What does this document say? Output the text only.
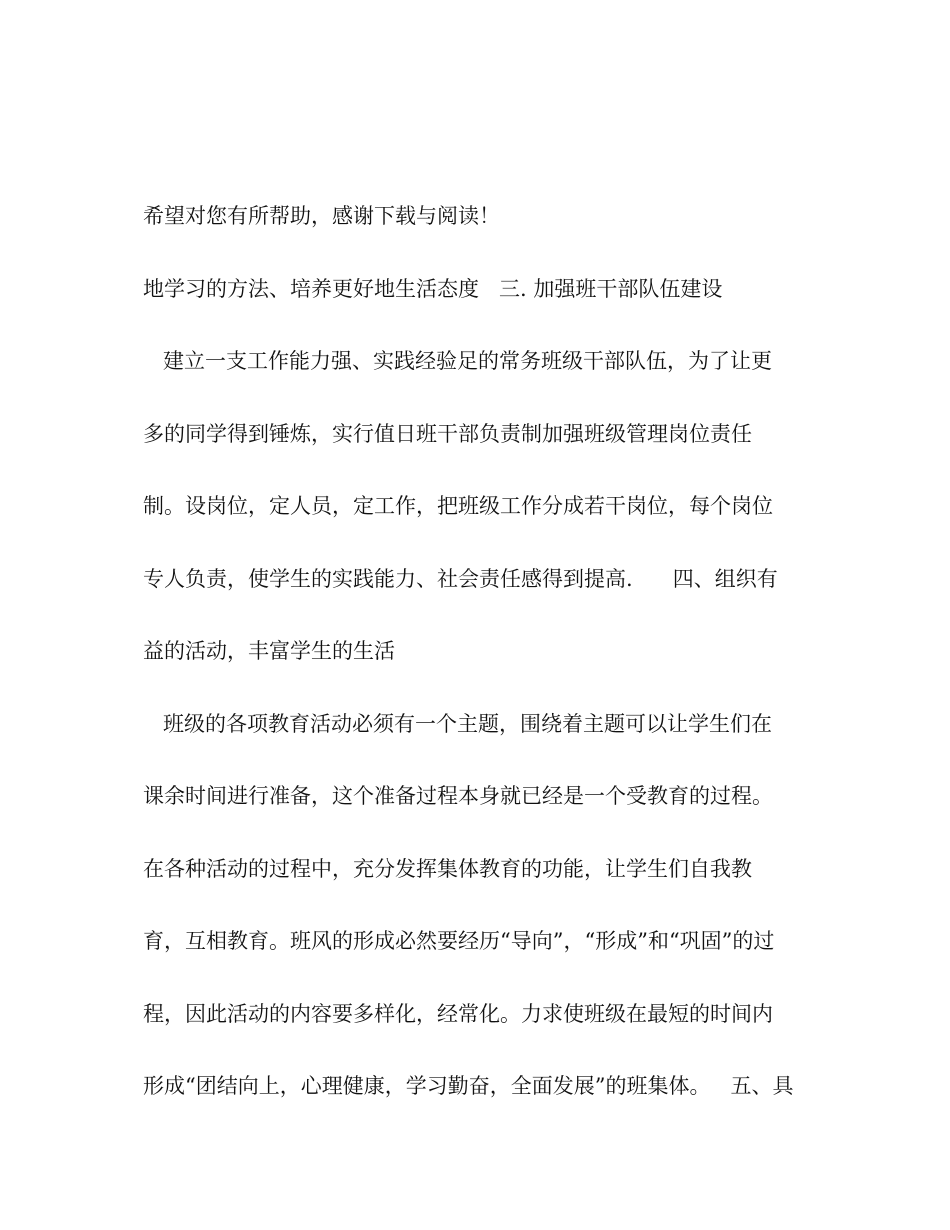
希望对您有所帮助，感谢下载与阅读！
地学习的方法、培养更好地生活态度   三. 加强班干部队伍建设
建立一支工作能力强、实践经验足的常务班级干部队伍，为了让更
多的同学得到锤炼，实行值日班干部负责制加强班级管理岗位责任
制。设岗位，定人员，定工作，把班级工作分成若干岗位，每个岗位
专人负责，使学生的实践能力、社会责任感得到提高.      四、组织有
益的活动，丰富学生的生活
班级的各项教育活动必须有一个主题，围绕着主题可以让学生们在
课余时间进行准备，这个准备过程本身就已经是一个受教育的过程。
在各种活动的过程中，充分发挥集体教育的功能，让学生们自我教
育，互相教育。班风的形成必然要经历“导向”，“形成”和“巩固”的过
程，因此活动的内容要多样化，经常化。力求使班级在最短的时间内
形成“团结向上，心理健康，学习勤奋，全面发展”的班集体。   五、具
